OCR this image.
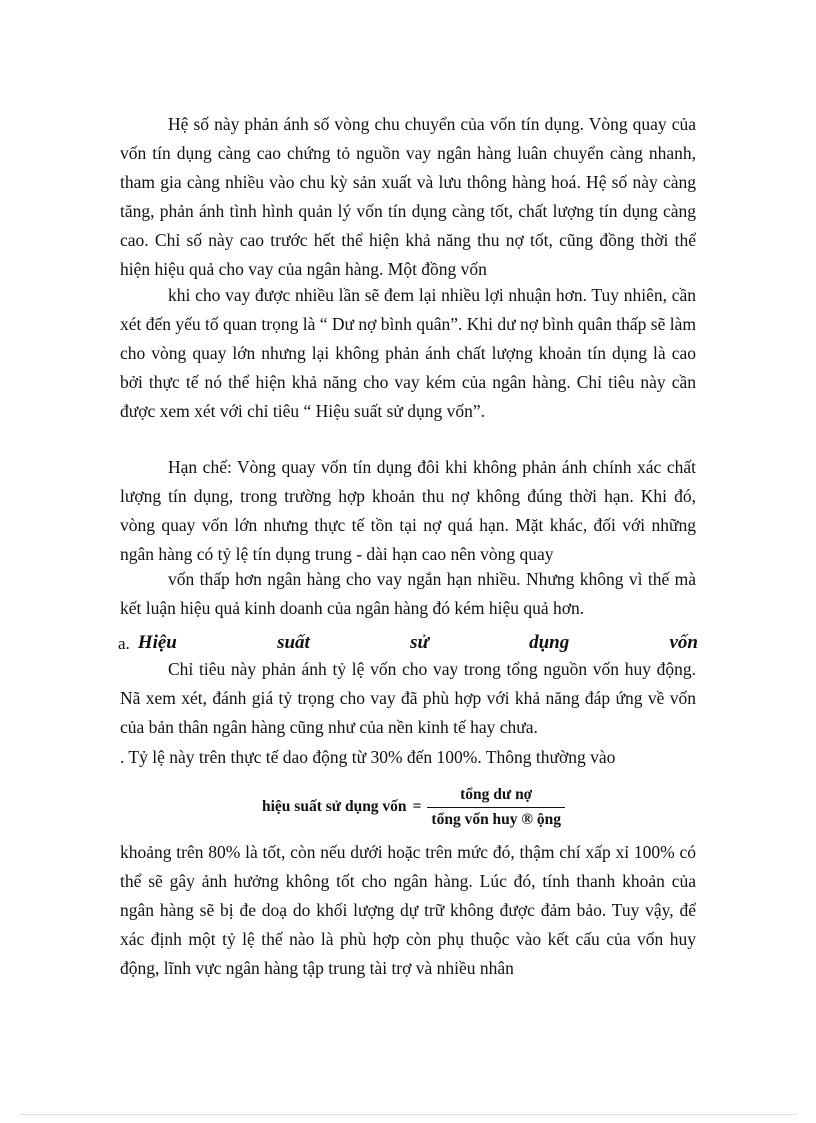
Hệ số này phản ánh số vòng chu chuyển của vốn tín dụng. Vòng quay của vốn tín dụng càng cao chứng tỏ nguồn vay ngân hàng luân chuyển càng nhanh, tham gia càng nhiều vào chu kỳ sản xuất và lưu thông hàng hoá. Hệ số này càng tăng, phản ánh tình hình quản lý vốn tín dụng càng tốt, chất lượng tín dụng càng cao. Chỉ số này cao trước hết thể hiện khả năng thu nợ tốt, cũng đồng thời thể hiện hiệu quả cho vay của ngân hàng. Một đồng vốn

khi cho vay được nhiều lần sẽ đem lại nhiều lợi nhuận hơn. Tuy nhiên, cần xét đến yếu tố quan trọng là “ Dư nợ bình quân”. Khi dư nợ bình quân thấp sẽ làm cho vòng quay lớn nhưng lại không phản ánh chất lượng khoản tín dụng là cao bởi thực tế nó thể hiện khả năng cho vay kém của ngân hàng. Chỉ tiêu này cần được xem xét với chỉ tiêu “ Hiệu suất sử dụng vốn”.

Hạn chế: Vòng quay vốn tín dụng đôi khi không phản ánh chính xác chất lượng tín dụng, trong trường hợp khoản thu nợ không đúng thời hạn. Khi đó, vòng quay vốn lớn nhưng thực tế tồn tại nợ quá hạn. Mặt khác, đối với những ngân hàng có tỷ lệ tín dụng trung - dài hạn cao nên vòng quay

vốn thấp hơn ngân hàng cho vay ngắn hạn nhiều. Nhưng không vì thế mà kết luận hiệu quả kinh doanh của ngân hàng đó kém hiệu quả hơn.

a. Hiệu	suất	sử	dụng	vốn

Chỉ tiêu này phản ánh tỷ lệ vốn cho vay trong tổng nguồn vốn huy động. Nã xem xét, đánh giá tỷ trọng cho vay đã phù hợp với khả năng đáp ứng về vốn của bản thân ngân hàng cũng như của nền kinh tế hay chưa.

. Tỷ lệ này trên thực tế dao động từ 30% đến 100%. Thông thường vào

hiệu suất sử dụng vốn = $\frac{\text{tổng dư nợ}}{\text{tổng vốn huy ® ộng}}$

khoảng trên 80% là tốt, còn nếu dưới hoặc trên mức đó, thậm chí xấp xỉ 100% có thể sẽ gây ảnh hưởng không tốt cho ngân hàng. Lúc đó, tính thanh khoản của ngân hàng sẽ bị đe doạ do khối lượng dự trữ không được đảm bảo. Tuy vậy, để xác định một tỷ lệ thế nào là phù hợp còn phụ thuộc vào kết cấu của vốn huy động, lĩnh vực ngân hàng tập trung tài trợ và nhiều nhân
